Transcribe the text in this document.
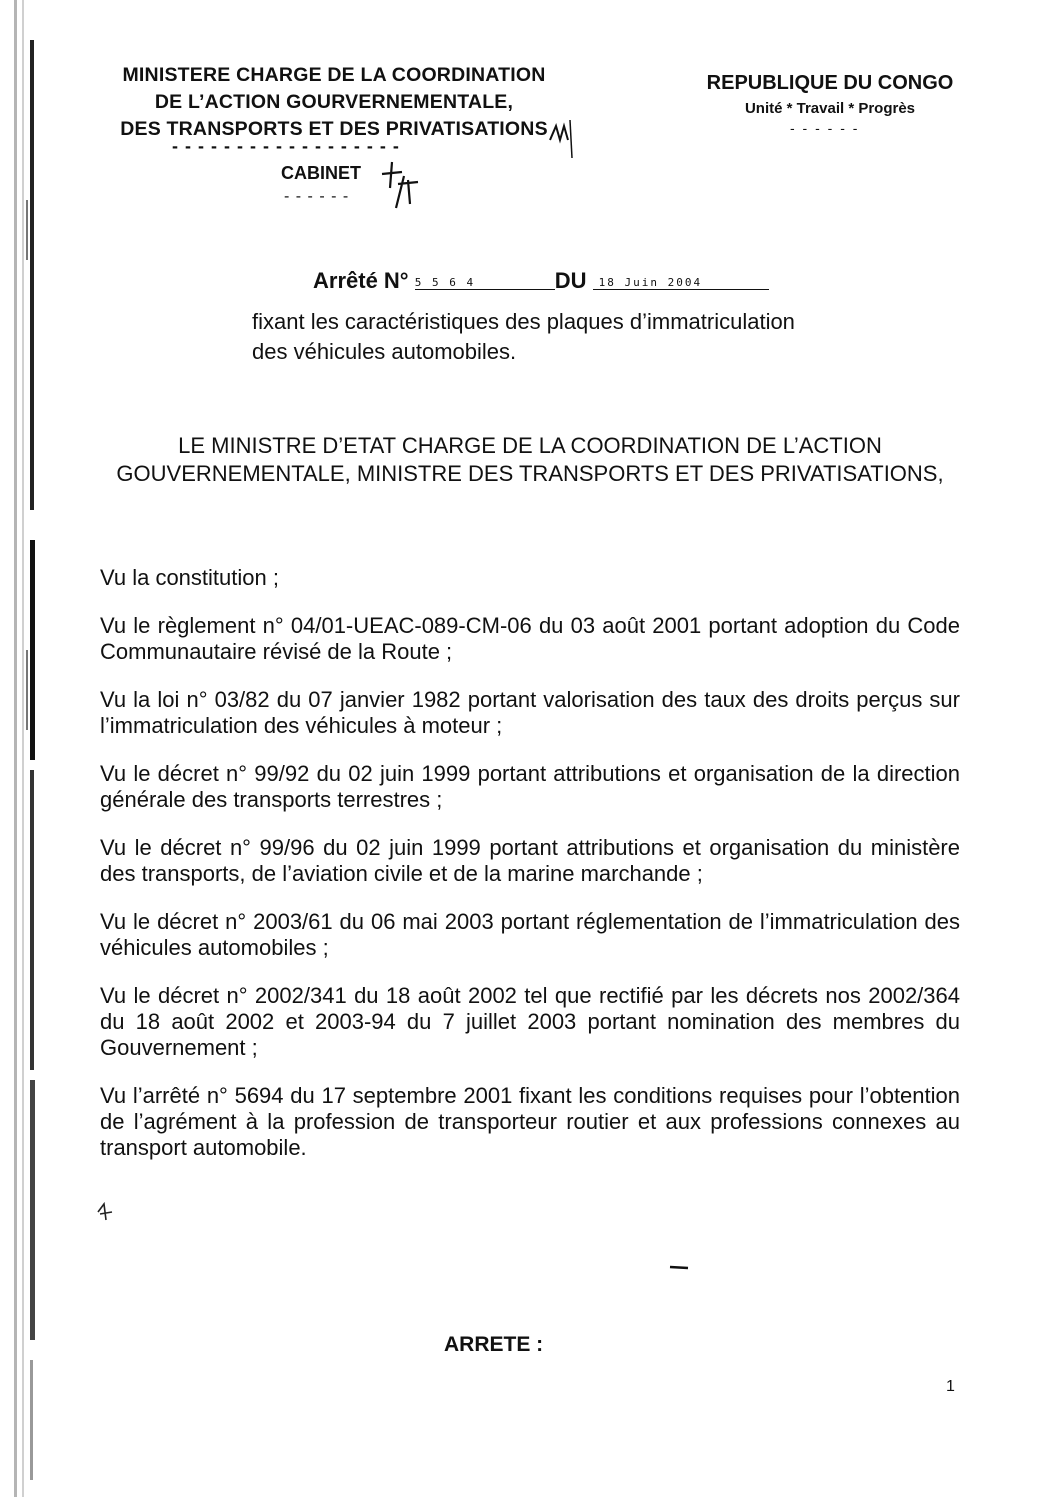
MINISTERE CHARGE DE LA COORDINATION
DE L’ACTION GOURVERNEMENTALE,
DES TRANSPORTS ET DES PRIVATISATIONS
- - - - - - - - - - - - - - - - - -
CABINET
- - - - - -
REPUBLIQUE DU CONGO
Unité * Travail * Progrès
- - - - - -
Arrêté N° 5 5 6 4	DU 18 Juin 2004
fixant les caractéristiques des plaques d’immatriculation
des véhicules automobiles.
LE MINISTRE D’ETAT CHARGE DE LA COORDINATION DE L’ACTION
GOUVERNEMENTALE, MINISTRE DES TRANSPORTS ET DES PRIVATISATIONS,

Vu la constitution ;

Vu le règlement n° 04/01-UEAC-089-CM-06 du 03 août 2001 portant adoption du Code Communautaire révisé de la Route ;

Vu la loi n° 03/82 du 07 janvier 1982 portant valorisation des taux des droits perçus sur l’immatriculation des véhicules à moteur ;

Vu le décret n° 99/92 du 02 juin 1999 portant attributions et organisation de la direction générale des transports terrestres ;

Vu le décret n° 99/96 du 02 juin 1999 portant attributions et organisation du ministère des transports, de l’aviation civile et de la marine marchande ;

Vu le décret n° 2003/61 du 06 mai 2003 portant réglementation de l’immatriculation des véhicules automobiles ;

Vu le décret n° 2002/341 du 18 août 2002 tel que rectifié par les décrets nos 2002/364 du 18 août 2002 et 2003-94 du 7 juillet 2003 portant nomination des membres du Gouvernement ;

Vu l’arrêté n° 5694 du 17 septembre 2001 fixant les conditions requises pour l’obtention de l’agrément à la profession de transporteur routier et aux professions connexes au transport automobile.

ARRETE :
1
